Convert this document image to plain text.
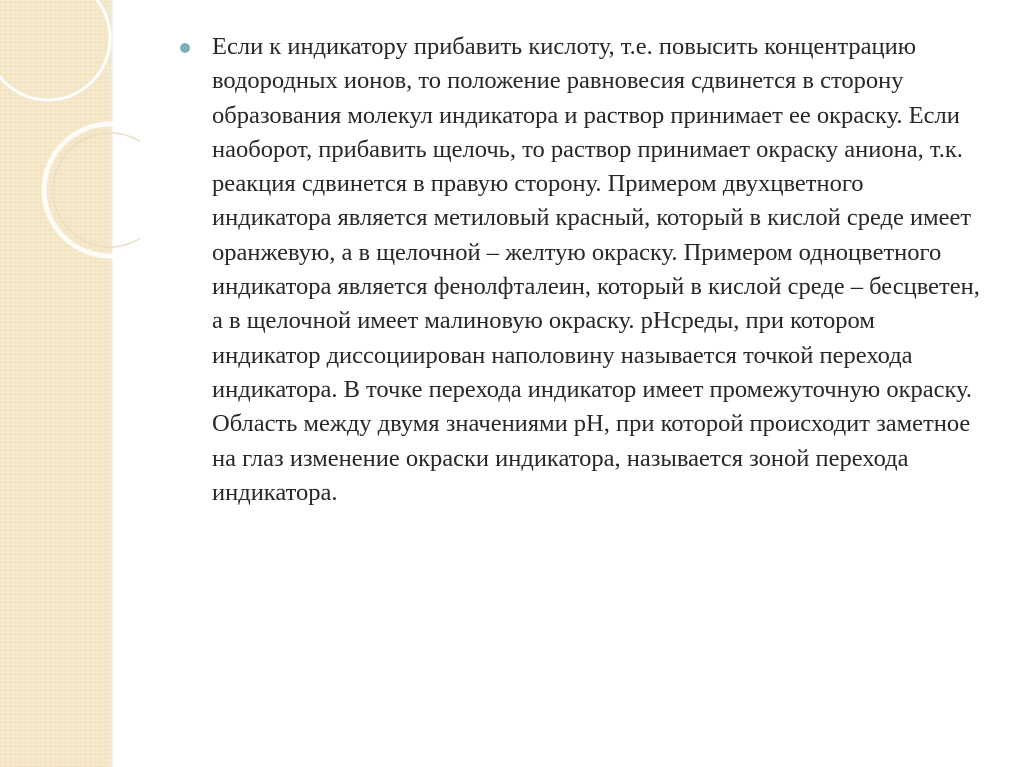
Если к индикатору прибавить кислоту, т.е. повысить концентрацию водородных ионов, то положение равновесия сдвинется в сторону образования молекул индикатора и раствор принимает ее окраску. Если наоборот, прибавить щелочь, то раствор принимает окраску аниона, т.к. реакция сдвинется в правую сторону. Примером двухцветного индикатора является метиловый красный, который в кислой среде имеет оранжевую, а в щелочной – желтую окраску. Примером одноцветного индикатора является фенолфталеин, который в кислой среде – бесцветен, а в щелочной имеет малиновую окраску. pHсреды, при котором индикатор диссоциирован наполовину называется точкой перехода индикатора. В точке перехода индикатор имеет промежуточную окраску. Область между двумя значениями pH, при которой происходит заметное на глаз изменение окраски индикатора, называется зоной перехода индикатора.
